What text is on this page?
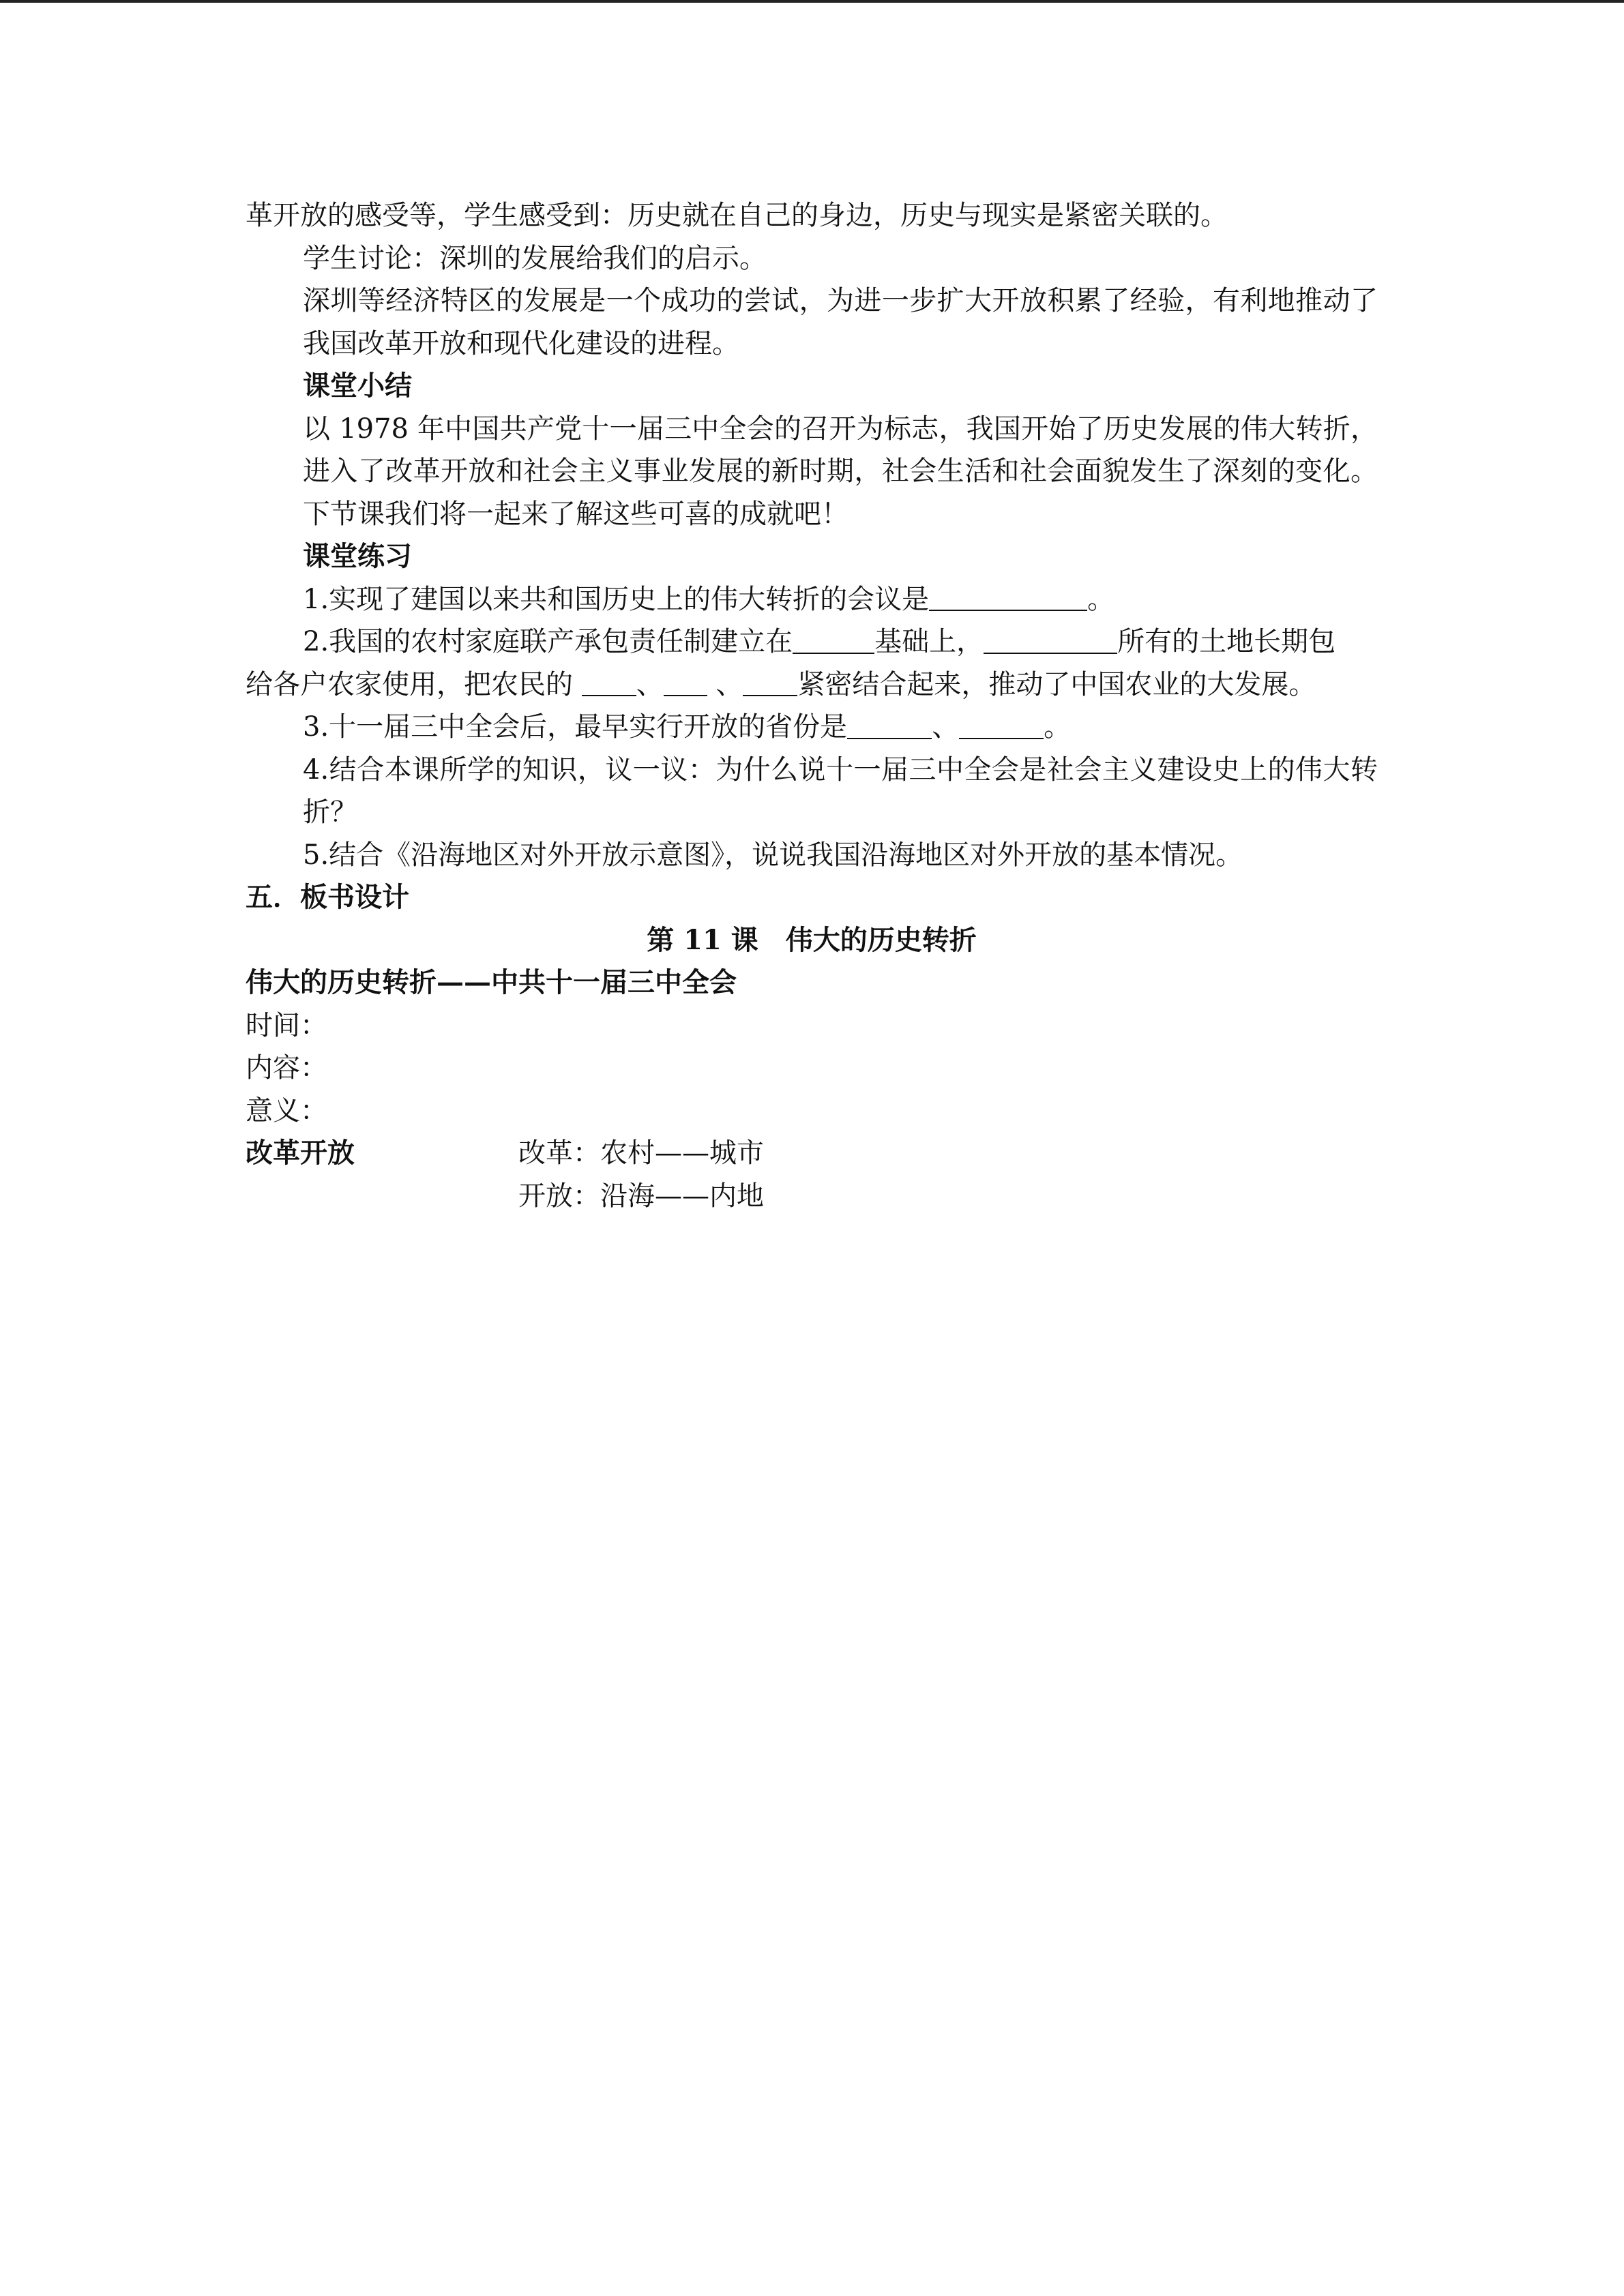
革开放的感受等，学生感受到：历史就在自己的身边，历史与现实是紧密关联的。

学生讨论：深圳的发展给我们的启示。

深圳等经济特区的发展是一个成功的尝试，为进一步扩大开放积累了经验，有利地推动了我国改革开放和现代化建设的进程。

课堂小结

以 1978 年中国共产党十一届三中全会的召开为标志，我国开始了历史发展的伟大转折，进入了改革开放和社会主义事业发展的新时期，社会生活和社会面貌发生了深刻的变化。下节课我们将一起来了解这些可喜的成就吧！

课堂练习

1.实现了建国以来共和国历史上的伟大转折的会议是	。

2.我国的农村家庭联产承包责任制建立在	基础上，	所有的土地长期包

给各户农家使用，把农民的 、 、 紧密结合起来，推动了中国农业的大发展。

3.十一届三中全会后，最早实行开放的省份是	、	。

4.结合本课所学的知识，议一议：为什么说十一届三中全会是社会主义建设史上的伟大转折？

5.结合《沿海地区对外开放示意图》，说说我国沿海地区对外开放的基本情况。

五．板书设计

第 11 课　伟大的历史转折

伟大的历史转折——中共十一届三中全会

时间：

内容：

意义：

改革开放	改革：农村——城市

开放：沿海——内地
